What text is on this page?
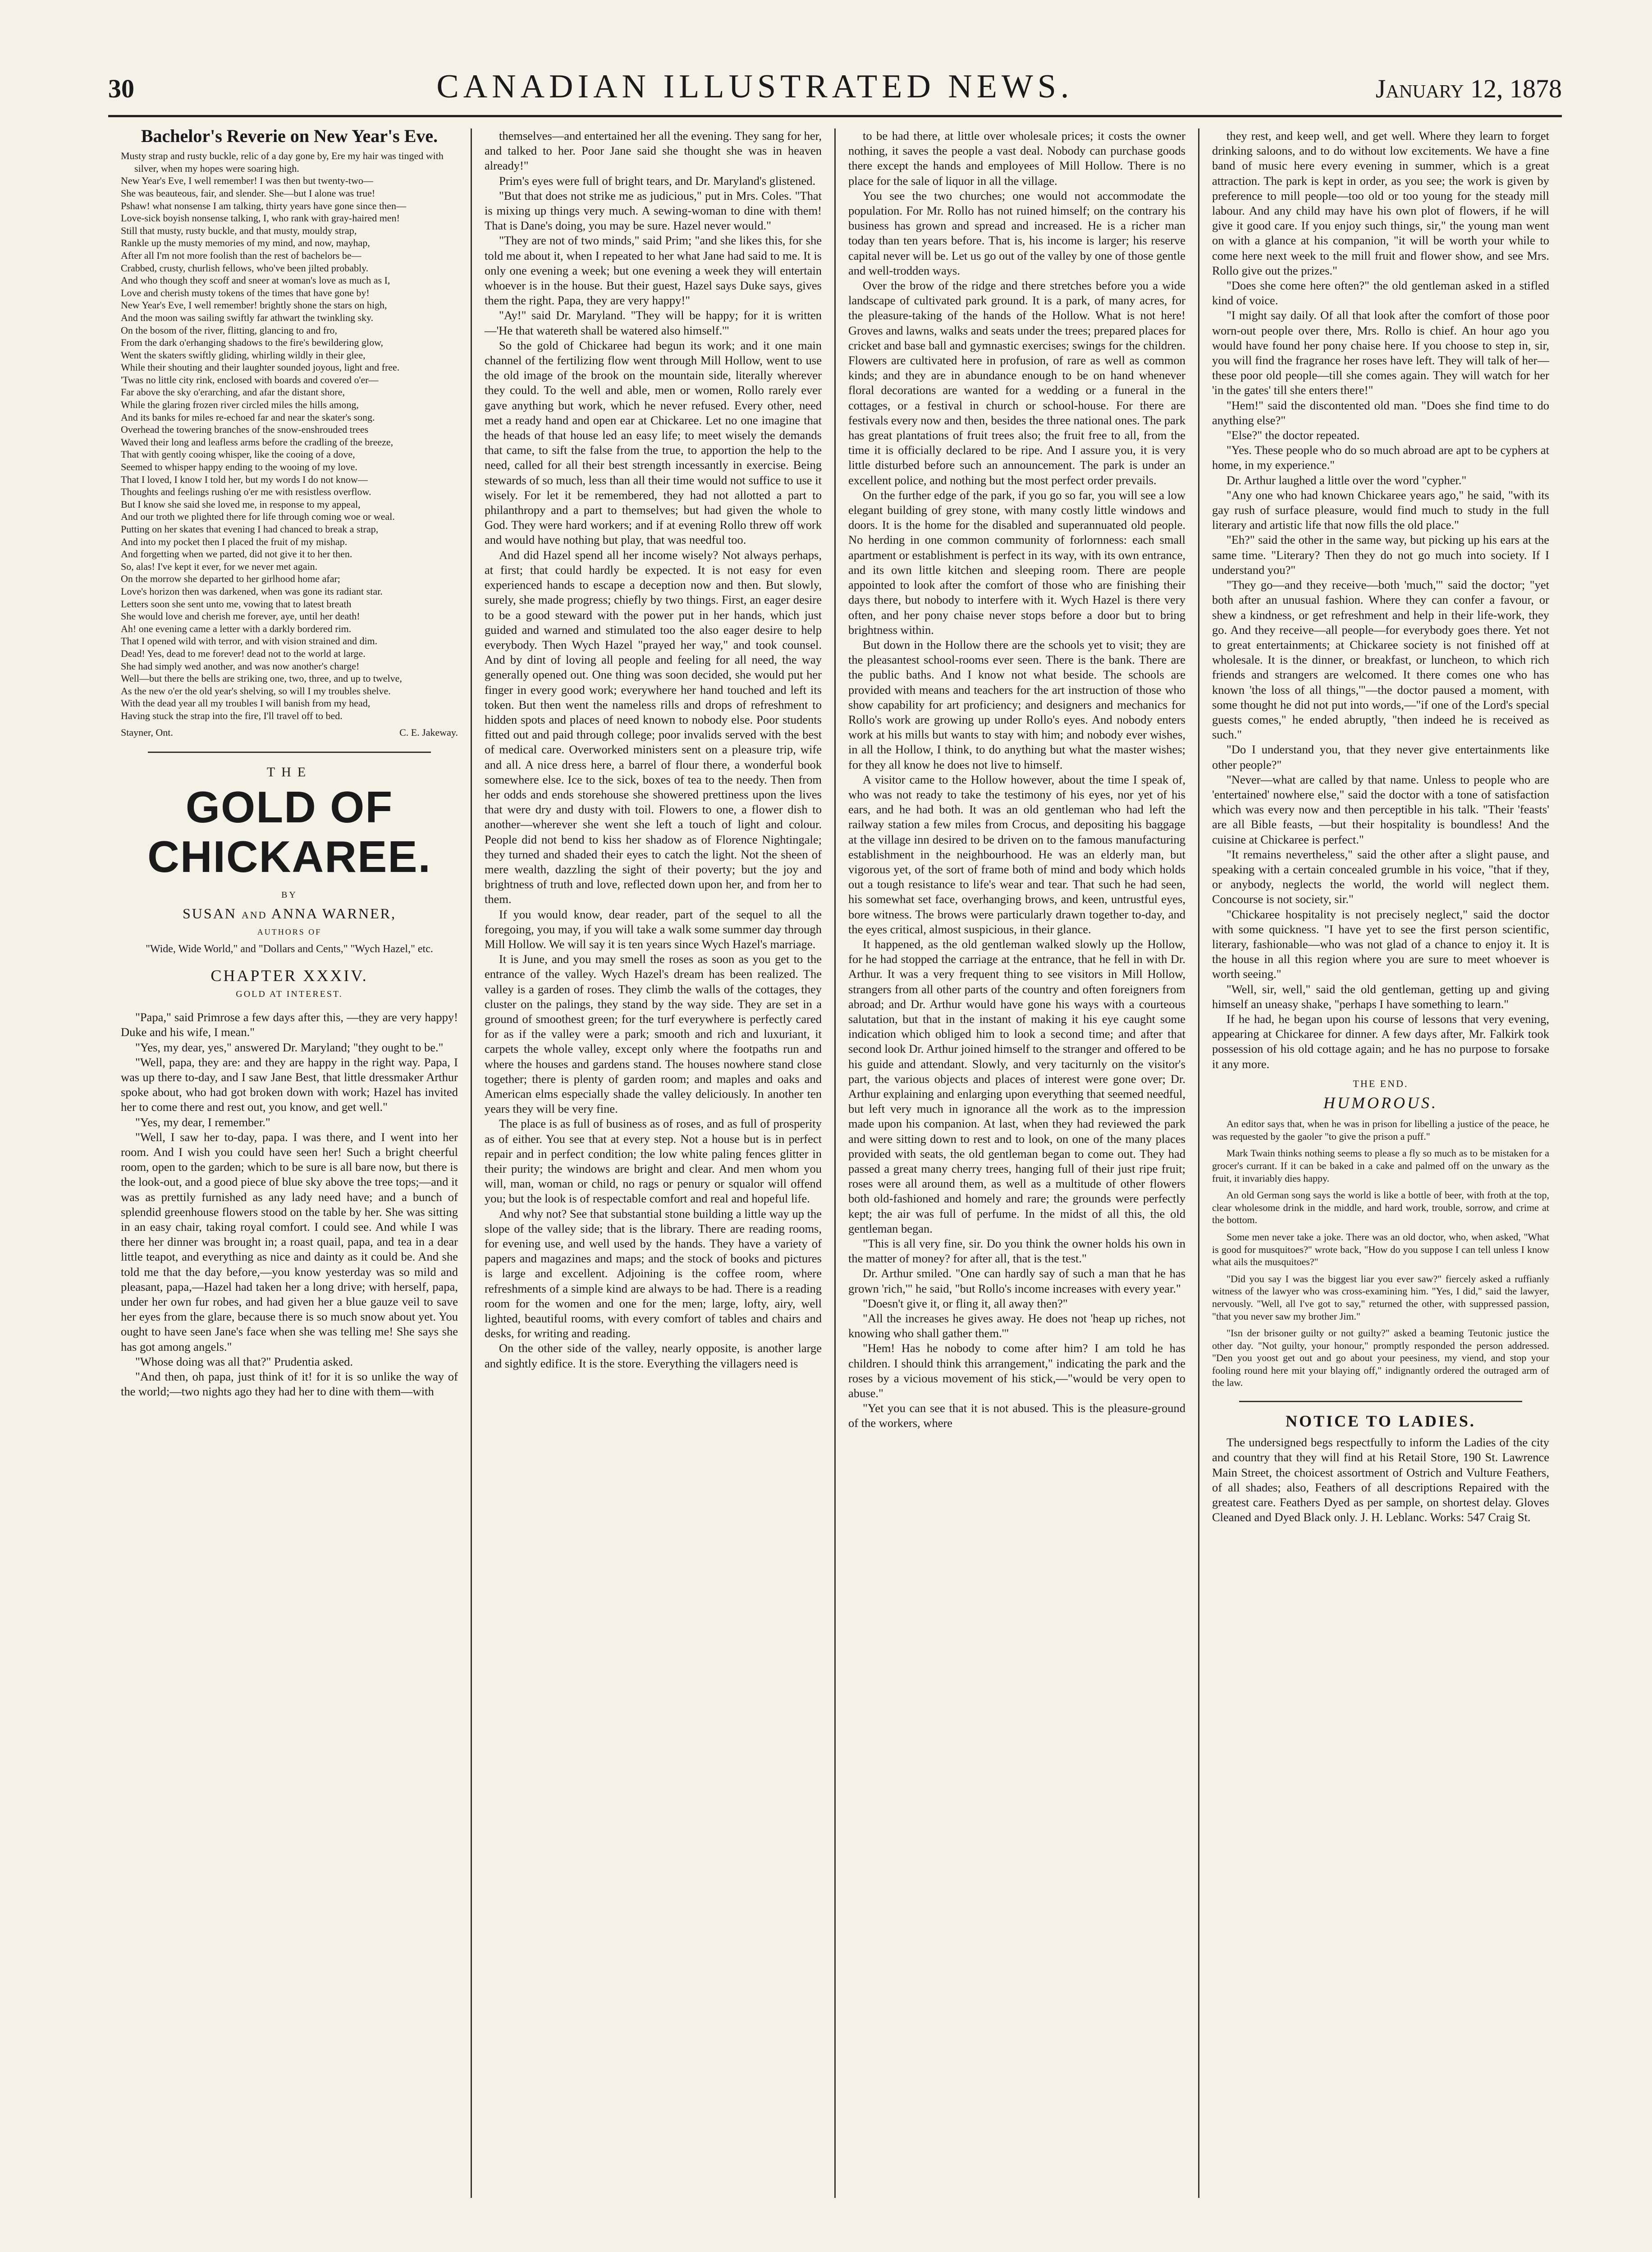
30	CANADIAN ILLUSTRATED NEWS.	January 12, 1878
Bachelor's Reverie on New Year's Eve.

Musty strap and rusty buckle, relic of a day gone by, Ere my hair was tinged with silver, when my hopes were soaring high.

New Year's Eve, I well remember! I was then but twenty-two—

She was beauteous, fair, and slender. She—but I alone was true!

Pshaw! what nonsense I am talking, thirty years have gone since then—

Love-sick boyish nonsense talking, I, who rank with gray-haired men!

Still that musty, rusty buckle, and that musty, mouldy strap,

Rankle up the musty memories of my mind, and now, mayhap,

After all I'm not more foolish than the rest of bachelors be—

Crabbed, crusty, churlish fellows, who've been jilted probably.

And who though they scoff and sneer at woman's love as much as I,

Love and cherish musty tokens of the times that have gone by!

New Year's Eve, I well remember! brightly shone the stars on high,

And the moon was sailing swiftly far athwart the twinkling sky.

On the bosom of the river, flitting, glancing to and fro,

From the dark o'erhanging shadows to the fire's bewildering glow,

Went the skaters swiftly gliding, whirling wildly in their glee,

While their shouting and their laughter sounded joyous, light and free.

'Twas no little city rink, enclosed with boards and covered o'er—

Far above the sky o'erarching, and afar the distant shore,

While the glaring frozen river circled miles the hills among,

And its banks for miles re-echoed far and near the skater's song.

Overhead the towering branches of the snow-enshrouded trees

Waved their long and leafless arms before the cradling of the breeze,

That with gently cooing whisper, like the cooing of a dove,

Seemed to whisper happy ending to the wooing of my love.

That I loved, I know I told her, but my words I do not know—

Thoughts and feelings rushing o'er me with resistless overflow.

But I know she said she loved me, in response to my appeal,

And our troth we plighted there for life through coming woe or weal.

Putting on her skates that evening I had chanced to break a strap,

And into my pocket then I placed the fruit of my mishap.

And forgetting when we parted, did not give it to her then.

So, alas! I've kept it ever, for we never met again.

On the morrow she departed to her girlhood home afar;

Love's horizon then was darkened, when was gone its radiant star.

Letters soon she sent unto me, vowing that to latest breath

She would love and cherish me forever, aye, until her death!

Ah! one evening came a letter with a darkly bordered rim.

That I opened wild with terror, and with vision strained and dim.

Dead! Yes, dead to me forever! dead not to the world at large.

She had simply wed another, and was now another's charge!

Well—but there the bells are striking one, two, three, and up to twelve,

As the new o'er the old year's shelving, so will I my troubles shelve.

With the dead year all my troubles I will banish from my head,

Having stuck the strap into the fire, I'll travel off to bed.

Stayner, Ont.	C. E. Jakeway.
THE
GOLD OF CHICKAREE.
BY
SUSAN and ANNA WARNER,
AUTHORS OF
"Wide, Wide World," and "Dollars and Cents," "Wych Hazel," etc.
CHAPTER XXXIV.
GOLD AT INTEREST.

"Papa," said Primrose a few days after this, —they are very happy! Duke and his wife, I mean."

"Yes, my dear, yes," answered Dr. Maryland; "they ought to be."

"Well, papa, they are: and they are happy in the right way. Papa, I was up there to-day, and I saw Jane Best, that little dressmaker Arthur spoke about, who had got broken down with work; Hazel has invited her to come there and rest out, you know, and get well."

"Yes, my dear, I remember."

"Well, I saw her to-day, papa. I was there, and I went into her room. And I wish you could have seen her! Such a bright cheerful room, open to the garden; which to be sure is all bare now, but there is the look-out, and a good piece of blue sky above the tree tops;—and it was as prettily furnished as any lady need have; and a bunch of splendid greenhouse flowers stood on the table by her. She was sitting in an easy chair, taking royal comfort. I could see. And while I was there her dinner was brought in; a roast quail, papa, and tea in a dear little teapot, and everything as nice and dainty as it could be. And she told me that the day before,—you know yesterday was so mild and pleasant, papa,—Hazel had taken her a long drive; with herself, papa, under her own fur robes, and had given her a blue gauze veil to save her eyes from the glare, because there is so much snow about yet. You ought to have seen Jane's face when she was telling me! She says she has got among angels."

"Whose doing was all that?" Prudentia asked.

"And then, oh papa, just think of it! for it is so unlike the way of the world;—two nights ago they had her to dine with them—with

themselves—and entertained her all the evening. They sang for her, and talked to her. Poor Jane said she thought she was in heaven already!"

Prim's eyes were full of bright tears, and Dr. Maryland's glistened.

"But that does not strike me as judicious," put in Mrs. Coles. "That is mixing up things very much. A sewing-woman to dine with them! That is Dane's doing, you may be sure. Hazel never would."

"They are not of two minds," said Prim; "and she likes this, for she told me about it, when I repeated to her what Jane had said to me. It is only one evening a week; but one evening a week they will entertain whoever is in the house. But their guest, Hazel says Duke says, gives them the right. Papa, they are very happy!"

"Ay!" said Dr. Maryland. "They will be happy; for it is written—'He that watereth shall be watered also himself.'"

So the gold of Chickaree had begun its work; and it one main channel of the fertilizing flow went through Mill Hollow, went to use the old image of the brook on the mountain side, literally wherever they could. To the well and able, men or women, Rollo rarely ever gave anything but work, which he never refused. Every other, need met a ready hand and open ear at Chickaree. Let no one imagine that the heads of that house led an easy life; to meet wisely the demands that came, to sift the false from the true, to apportion the help to the need, called for all their best strength incessantly in exercise. Being stewards of so much, less than all their time would not suffice to use it wisely. For let it be remembered, they had not allotted a part to philanthropy and a part to themselves; but had given the whole to God. They were hard workers; and if at evening Rollo threw off work and would have nothing but play, that was needful too.

And did Hazel spend all her income wisely? Not always perhaps, at first; that could hardly be expected. It is not easy for even experienced hands to escape a deception now and then. But slowly, surely, she made progress; chiefly by two things. First, an eager desire to be a good steward with the power put in her hands, which just guided and warned and stimulated too the also eager desire to help everybody. Then Wych Hazel "prayed her way," and took counsel. And by dint of loving all people and feeling for all need, the way generally opened out. One thing was soon decided, she would put her finger in every good work; everywhere her hand touched and left its token. But then went the nameless rills and drops of refreshment to hidden spots and places of need known to nobody else. Poor students fitted out and paid through college; poor invalids served with the best of medical care. Overworked ministers sent on a pleasure trip, wife and all. A nice dress here, a barrel of flour there, a wonderful book somewhere else. Ice to the sick, boxes of tea to the needy. Then from her odds and ends storehouse she showered prettiness upon the lives that were dry and dusty with toil. Flowers to one, a flower dish to another—wherever she went she left a touch of light and colour. People did not bend to kiss her shadow as of Florence Nightingale; they turned and shaded their eyes to catch the light. Not the sheen of mere wealth, dazzling the sight of their poverty; but the joy and brightness of truth and love, reflected down upon her, and from her to them.

If you would know, dear reader, part of the sequel to all the foregoing, you may, if you will take a walk some summer day through Mill Hollow. We will say it is ten years since Wych Hazel's marriage.

It is June, and you may smell the roses as soon as you get to the entrance of the valley. Wych Hazel's dream has been realized. The valley is a garden of roses. They climb the walls of the cottages, they cluster on the palings, they stand by the way side. They are set in a ground of smoothest green; for the turf everywhere is perfectly cared for as if the valley were a park; smooth and rich and luxuriant, it carpets the whole valley, except only where the footpaths run and where the houses and gardens stand. The houses nowhere stand close together; there is plenty of garden room; and maples and oaks and American elms especially shade the valley deliciously. In another ten years they will be very fine.

The place is as full of business as of roses, and as full of prosperity as of either. You see that at every step. Not a house but is in perfect repair and in perfect condition; the low white paling fences glitter in their purity; the windows are bright and clear. And men whom you will, man, woman or child, no rags or penury or squalor will offend you; but the look is of respectable comfort and real and hopeful life.

And why not? See that substantial stone building a little way up the slope of the valley side; that is the library. There are reading rooms, for evening use, and well used by the hands. They have a variety of papers and magazines and maps; and the stock of books and pictures is large and excellent. Adjoining is the coffee room, where refreshments of a simple kind are always to be had. There is a reading room for the women and one for the men; large, lofty, airy, well lighted, beautiful rooms, with every comfort of tables and chairs and desks, for writing and reading.

On the other side of the valley, nearly opposite, is another large and sightly edifice. It is the store. Everything the villagers need is

to be had there, at little over wholesale prices; it costs the owner nothing, it saves the people a vast deal. Nobody can purchase goods there except the hands and employees of Mill Hollow. There is no place for the sale of liquor in all the village.

You see the two churches; one would not accommodate the population. For Mr. Rollo has not ruined himself; on the contrary his business has grown and spread and increased. He is a richer man today than ten years before. That is, his income is larger; his reserve capital never will be. Let us go out of the valley by one of those gentle and well-trodden ways.

Over the brow of the ridge and there stretches before you a wide landscape of cultivated park ground. It is a park, of many acres, for the pleasure-taking of the hands of the Hollow. What is not here! Groves and lawns, walks and seats under the trees; prepared places for cricket and base ball and gymnastic exercises; swings for the children. Flowers are cultivated here in profusion, of rare as well as common kinds; and they are in abundance enough to be on hand whenever floral decorations are wanted for a wedding or a funeral in the cottages, or a festival in church or school-house. For there are festivals every now and then, besides the three national ones. The park has great plantations of fruit trees also; the fruit free to all, from the time it is officially declared to be ripe. And I assure you, it is very little disturbed before such an announcement. The park is under an excellent police, and nothing but the most perfect order prevails.

On the further edge of the park, if you go so far, you will see a low elegant building of grey stone, with many costly little windows and doors. It is the home for the disabled and superannuated old people. No herding in one common community of forlornness: each small apartment or establishment is perfect in its way, with its own entrance, and its own little kitchen and sleeping room. There are people appointed to look after the comfort of those who are finishing their days there, but nobody to interfere with it. Wych Hazel is there very often, and her pony chaise never stops before a door but to bring brightness within.

But down in the Hollow there are the schools yet to visit; they are the pleasantest school-rooms ever seen. There is the bank. There are the public baths. And I know not what beside. The schools are provided with means and teachers for the art instruction of those who show capability for art proficiency; and designers and mechanics for Rollo's work are growing up under Rollo's eyes. And nobody enters work at his mills but wants to stay with him; and nobody ever wishes, in all the Hollow, I think, to do anything but what the master wishes; for they all know he does not live to himself.

A visitor came to the Hollow however, about the time I speak of, who was not ready to take the testimony of his eyes, nor yet of his ears, and he had both. It was an old gentleman who had left the railway station a few miles from Crocus, and depositing his baggage at the village inn desired to be driven on to the famous manufacturing establishment in the neighbourhood. He was an elderly man, but vigorous yet, of the sort of frame both of mind and body which holds out a tough resistance to life's wear and tear. That such he had seen, his somewhat set face, overhanging brows, and keen, untrustful eyes, bore witness. The brows were particularly drawn together to-day, and the eyes critical, almost suspicious, in their glance.

It happened, as the old gentleman walked slowly up the Hollow, for he had stopped the carriage at the entrance, that he fell in with Dr. Arthur. It was a very frequent thing to see visitors in Mill Hollow, strangers from all other parts of the country and often foreigners from abroad; and Dr. Arthur would have gone his ways with a courteous salutation, but that in the instant of making it his eye caught some indication which obliged him to look a second time; and after that second look Dr. Arthur joined himself to the stranger and offered to be his guide and attendant. Slowly, and very taciturnly on the visitor's part, the various objects and places of interest were gone over; Dr. Arthur explaining and enlarging upon everything that seemed needful, but left very much in ignorance all the work as to the impression made upon his companion. At last, when they had reviewed the park and were sitting down to rest and to look, on one of the many places provided with seats, the old gentleman began to come out. They had passed a great many cherry trees, hanging full of their just ripe fruit; roses were all around them, as well as a multitude of other flowers both old-fashioned and homely and rare; the grounds were perfectly kept; the air was full of perfume. In the midst of all this, the old gentleman began.

"This is all very fine, sir. Do you think the owner holds his own in the matter of money? for after all, that is the test."

Dr. Arthur smiled. "One can hardly say of such a man that he has grown 'rich,'" he said, "but Rollo's income increases with every year."

"Doesn't give it, or fling it, all away then?"

"All the increases he gives away. He does not 'heap up riches, not knowing who shall gather them.'"

"Hem! Has he nobody to come after him? I am told he has children. I should think this arrangement," indicating the park and the roses by a vicious movement of his stick,—"would be very open to abuse."

"Yet you can see that it is not abused. This is the pleasure-ground of the workers, where

they rest, and keep well, and get well. Where they learn to forget drinking saloons, and to do without low excitements. We have a fine band of music here every evening in summer, which is a great attraction. The park is kept in order, as you see; the work is given by preference to mill people—too old or too young for the steady mill labour. And any child may have his own plot of flowers, if he will give it good care. If you enjoy such things, sir," the young man went on with a glance at his companion, "it will be worth your while to come here next week to the mill fruit and flower show, and see Mrs. Rollo give out the prizes."

"Does she come here often?" the old gentleman asked in a stifled kind of voice.

"I might say daily. Of all that look after the comfort of those poor worn-out people over there, Mrs. Rollo is chief. An hour ago you would have found her pony chaise here. If you choose to step in, sir, you will find the fragrance her roses have left. They will talk of her—these poor old people—till she comes again. They will watch for her 'in the gates' till she enters there!"

"Hem!" said the discontented old man. "Does she find time to do anything else?"

"Else?" the doctor repeated.

"Yes. These people who do so much abroad are apt to be cyphers at home, in my experience."

Dr. Arthur laughed a little over the word "cypher."

"Any one who had known Chickaree years ago," he said, "with its gay rush of surface pleasure, would find much to study in the full literary and artistic life that now fills the old place."

"Eh?" said the other in the same way, but picking up his ears at the same time. "Literary? Then they do not go much into society. If I understand you?"

"They go—and they receive—both 'much,'" said the doctor; "yet both after an unusual fashion. Where they can confer a favour, or shew a kindness, or get refreshment and help in their life-work, they go. And they receive—all people—for everybody goes there. Yet not to great entertainments; at Chickaree society is not finished off at wholesale. It is the dinner, or breakfast, or luncheon, to which rich friends and strangers are welcomed. It there comes one who has known 'the loss of all things,'"—the doctor paused a moment, with some thought he did not put into words,—"if one of the Lord's special guests comes," he ended abruptly, "then indeed he is received as such."

"Do I understand you, that they never give entertainments like other people?"

"Never—what are called by that name. Unless to people who are 'entertained' nowhere else," said the doctor with a tone of satisfaction which was every now and then perceptible in his talk. "Their 'feasts' are all Bible feasts, —but their hospitality is boundless! And the cuisine at Chickaree is perfect."

"It remains nevertheless," said the other after a slight pause, and speaking with a certain concealed grumble in his voice, "that if they, or anybody, neglects the world, the world will neglect them. Concourse is not society, sir."

"Chickaree hospitality is not precisely neglect," said the doctor with some quickness. "I have yet to see the first person scientific, literary, fashionable—who was not glad of a chance to enjoy it. It is the house in all this region where you are sure to meet whoever is worth seeing."

"Well, sir, well," said the old gentleman, getting up and giving himself an uneasy shake, "perhaps I have something to learn."

If he had, he began upon his course of lessons that very evening, appearing at Chickaree for dinner. A few days after, Mr. Falkirk took possession of his old cottage again; and he has no purpose to forsake it any more.

THE END.
HUMOROUS.

An editor says that, when he was in prison for libelling a justice of the peace, he was requested by the gaoler "to give the prison a puff."

Mark Twain thinks nothing seems to please a fly so much as to be mistaken for a grocer's currant. If it can be baked in a cake and palmed off on the unwary as the fruit, it invariably dies happy.

An old German song says the world is like a bottle of beer, with froth at the top, clear wholesome drink in the middle, and hard work, trouble, sorrow, and crime at the bottom.

Some men never take a joke. There was an old doctor, who, when asked, "What is good for musquitoes?" wrote back, "How do you suppose I can tell unless I know what ails the musquitoes?"

"Did you say I was the biggest liar you ever saw?" fiercely asked a ruffianly witness of the lawyer who was cross-examining him. "Yes, I did," said the lawyer, nervously. "Well, all I've got to say," returned the other, with suppressed passion, "that you never saw my brother Jim."

"Isn der brisoner guilty or not guilty?" asked a beaming Teutonic justice the other day. "Not guilty, your honour," promptly responded the person addressed. "Den you yoost get out and go about your peesiness, my viend, and stop your fooling round here mit your blaying off," indignantly ordered the outraged arm of the law.

NOTICE TO LADIES.

The undersigned begs respectfully to inform the Ladies of the city and country that they will find at his Retail Store, 190 St. Lawrence Main Street, the choicest assortment of Ostrich and Vulture Feathers, of all shades; also, Feathers of all descriptions Repaired with the greatest care. Feathers Dyed as per sample, on shortest delay. Gloves Cleaned and Dyed Black only. J. H. Leblanc. Works: 547 Craig St.
